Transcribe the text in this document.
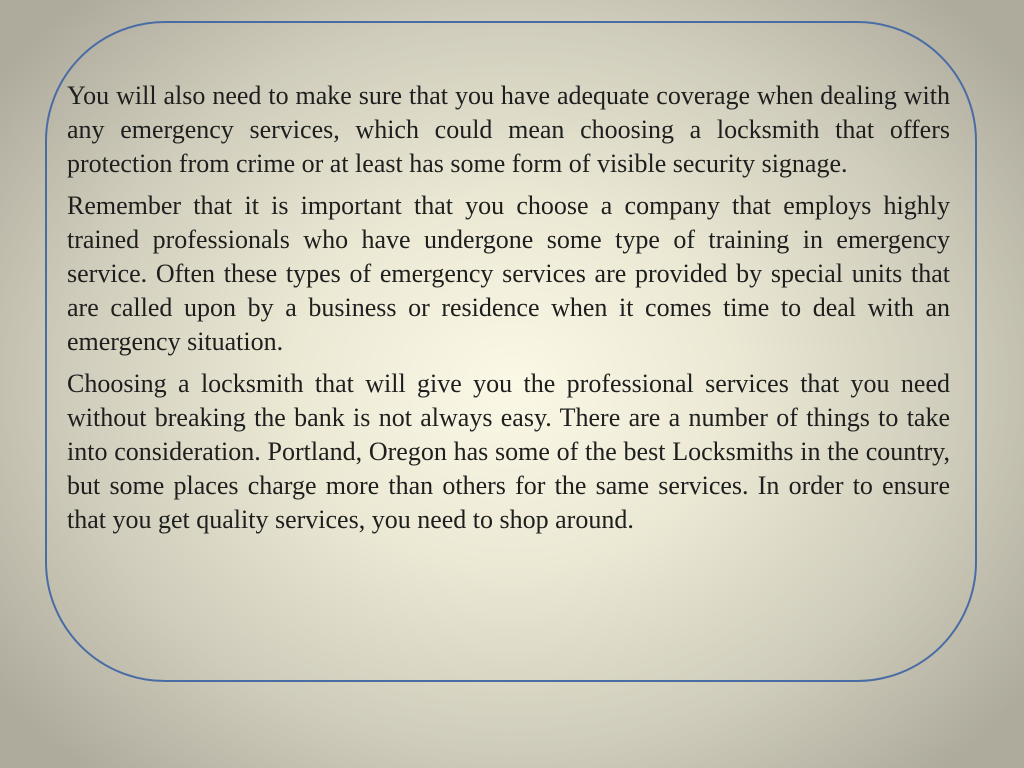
You will also need to make sure that you have adequate coverage when dealing with any emergency services, which could mean choosing a locksmith that offers protection from crime or at least has some form of visible security signage.

Remember that it is important that you choose a company that employs highly trained professionals who have undergone some type of training in emergency service. Often these types of emergency services are provided by special units that are called upon by a business or residence when it comes time to deal with an emergency situation.

Choosing a locksmith that will give you the professional services that you need without breaking the bank is not always easy. There are a number of things to take into consideration. Portland, Oregon has some of the best Locksmiths in the country, but some places charge more than others for the same services. In order to ensure that you get quality services, you need to shop around.
